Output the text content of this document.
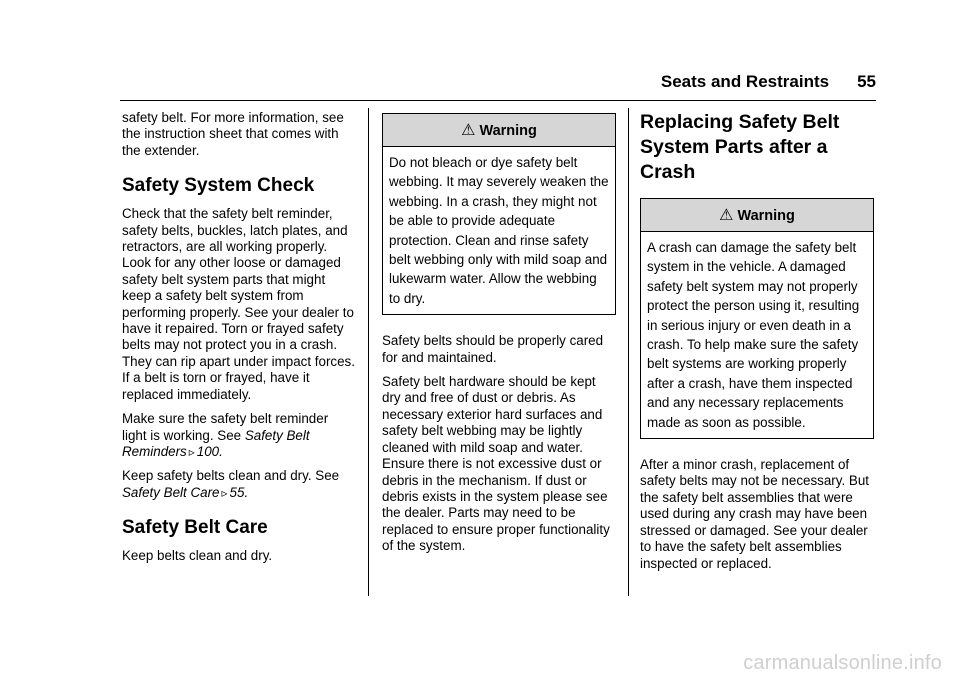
Seats and Restraints 55

safety belt. For more information, see the instruction sheet that comes with the extender.

Safety System Check

Check that the safety belt reminder, safety belts, buckles, latch plates, and retractors, are all working properly. Look for any other loose or damaged safety belt system parts that might keep a safety belt system from performing properly. See your dealer to have it repaired. Torn or frayed safety belts may not protect you in a crash. They can rip apart under impact forces. If a belt is torn or frayed, have it replaced immediately.

Make sure the safety belt reminder light is working. See Safety Belt Reminders ▹ 100.

Keep safety belts clean and dry. See Safety Belt Care ▹ 55.

Safety Belt Care

Keep belts clean and dry.

⚠ Warning
Do not bleach or dye safety belt webbing. It may severely weaken the webbing. In a crash, they might not be able to provide adequate protection. Clean and rinse safety belt webbing only with mild soap and lukewarm water. Allow the webbing to dry.

Safety belts should be properly cared for and maintained.

Safety belt hardware should be kept dry and free of dust or debris. As necessary exterior hard surfaces and safety belt webbing may be lightly cleaned with mild soap and water. Ensure there is not excessive dust or debris in the mechanism. If dust or debris exists in the system please see the dealer. Parts may need to be replaced to ensure proper functionality of the system.

Replacing Safety Belt System Parts after a Crash
⚠ Warning
A crash can damage the safety belt system in the vehicle. A damaged safety belt system may not properly protect the person using it, resulting in serious injury or even death in a crash. To help make sure the safety belt systems are working properly after a crash, have them inspected and any necessary replacements made as soon as possible.

After a minor crash, replacement of safety belts may not be necessary. But the safety belt assemblies that were used during any crash may have been stressed or damaged. See your dealer to have the safety belt assemblies inspected or replaced.

carmanualsonline.info
